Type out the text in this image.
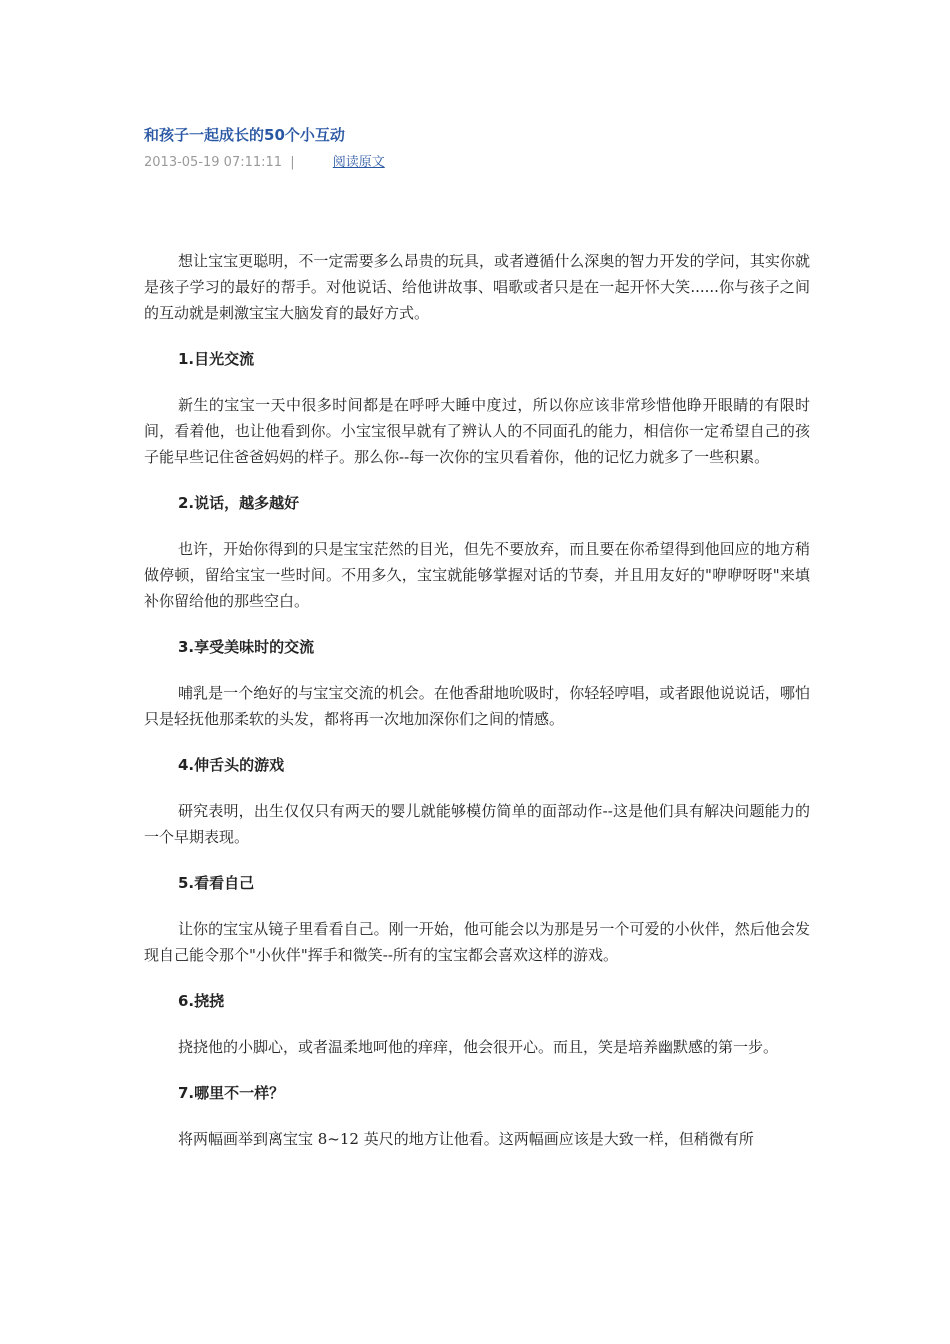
和孩子一起成长的50个小互动
2013-05-19 07:11:11 |	阅读原文

想让宝宝更聪明，不一定需要多么昂贵的玩具，或者遵循什么深奥的智力开发的学问，其实你就是孩子学习的最好的帮手。对他说话、给他讲故事、唱歌或者只是在一起开怀大笑......你与孩子之间的互动就是刺激宝宝大脑发育的最好方式。

1.目光交流

新生的宝宝一天中很多时间都是在呼呼大睡中度过，所以你应该非常珍惜他睁开眼睛的有限时间，看着他，也让他看到你。小宝宝很早就有了辨认人的不同面孔的能力，相信你一定希望自己的孩子能早些记住爸爸妈妈的样子。那么你--每一次你的宝贝看着你，他的记忆力就多了一些积累。

2.说话，越多越好

也许，开始你得到的只是宝宝茫然的目光，但先不要放弃，而且要在你希望得到他回应的地方稍做停顿，留给宝宝一些时间。不用多久，宝宝就能够掌握对话的节奏，并且用友好的"咿咿呀呀"来填补你留给他的那些空白。

3.享受美味时的交流

哺乳是一个绝好的与宝宝交流的机会。在他香甜地吮吸时，你轻轻哼唱，或者跟他说说话，哪怕只是轻抚他那柔软的头发，都将再一次地加深你们之间的情感。

4.伸舌头的游戏

研究表明，出生仅仅只有两天的婴儿就能够模仿简单的面部动作--这是他们具有解决问题能力的一个早期表现。

5.看看自己

让你的宝宝从镜子里看看自己。刚一开始，他可能会以为那是另一个可爱的小伙伴，然后他会发现自己能令那个"小伙伴"挥手和微笑--所有的宝宝都会喜欢这样的游戏。

6.挠挠

挠挠他的小脚心，或者温柔地呵他的痒痒，他会很开心。而且，笑是培养幽默感的第一步。

7.哪里不一样？

将两幅画举到离宝宝 8~12 英尺的地方让他看。这两幅画应该是大致一样，但稍微有所
